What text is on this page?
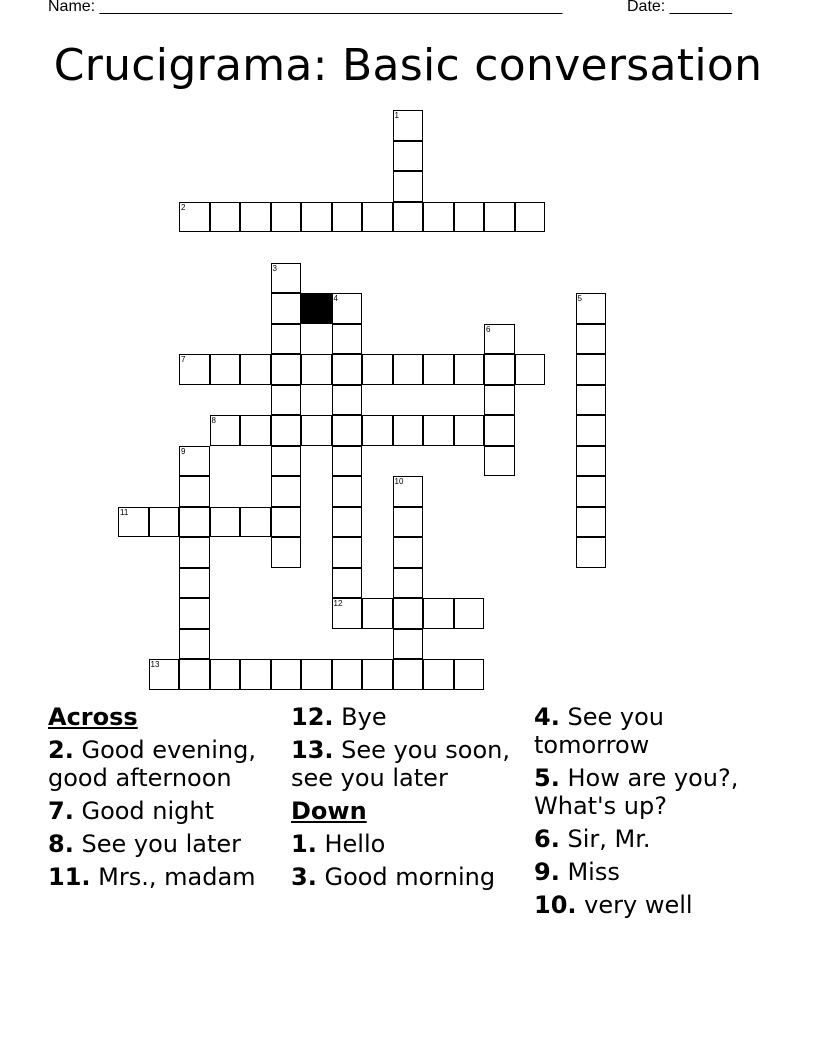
Name: ____________________________________________________	Date: _______
Crucigrama: Basic conversation
1
2
3
4
12
5
6
7
8
9
10
11
13
Across
2. Good evening, good afternoon
7. Good night
8. See you later
11. Mrs., madam
12. Bye
13. See you soon, see you later
Down
1. Hello
3. Good morning
4. See you tomorrow
5. How are you?, What's up?
6. Sir, Mr.
9. Miss
10. very well
